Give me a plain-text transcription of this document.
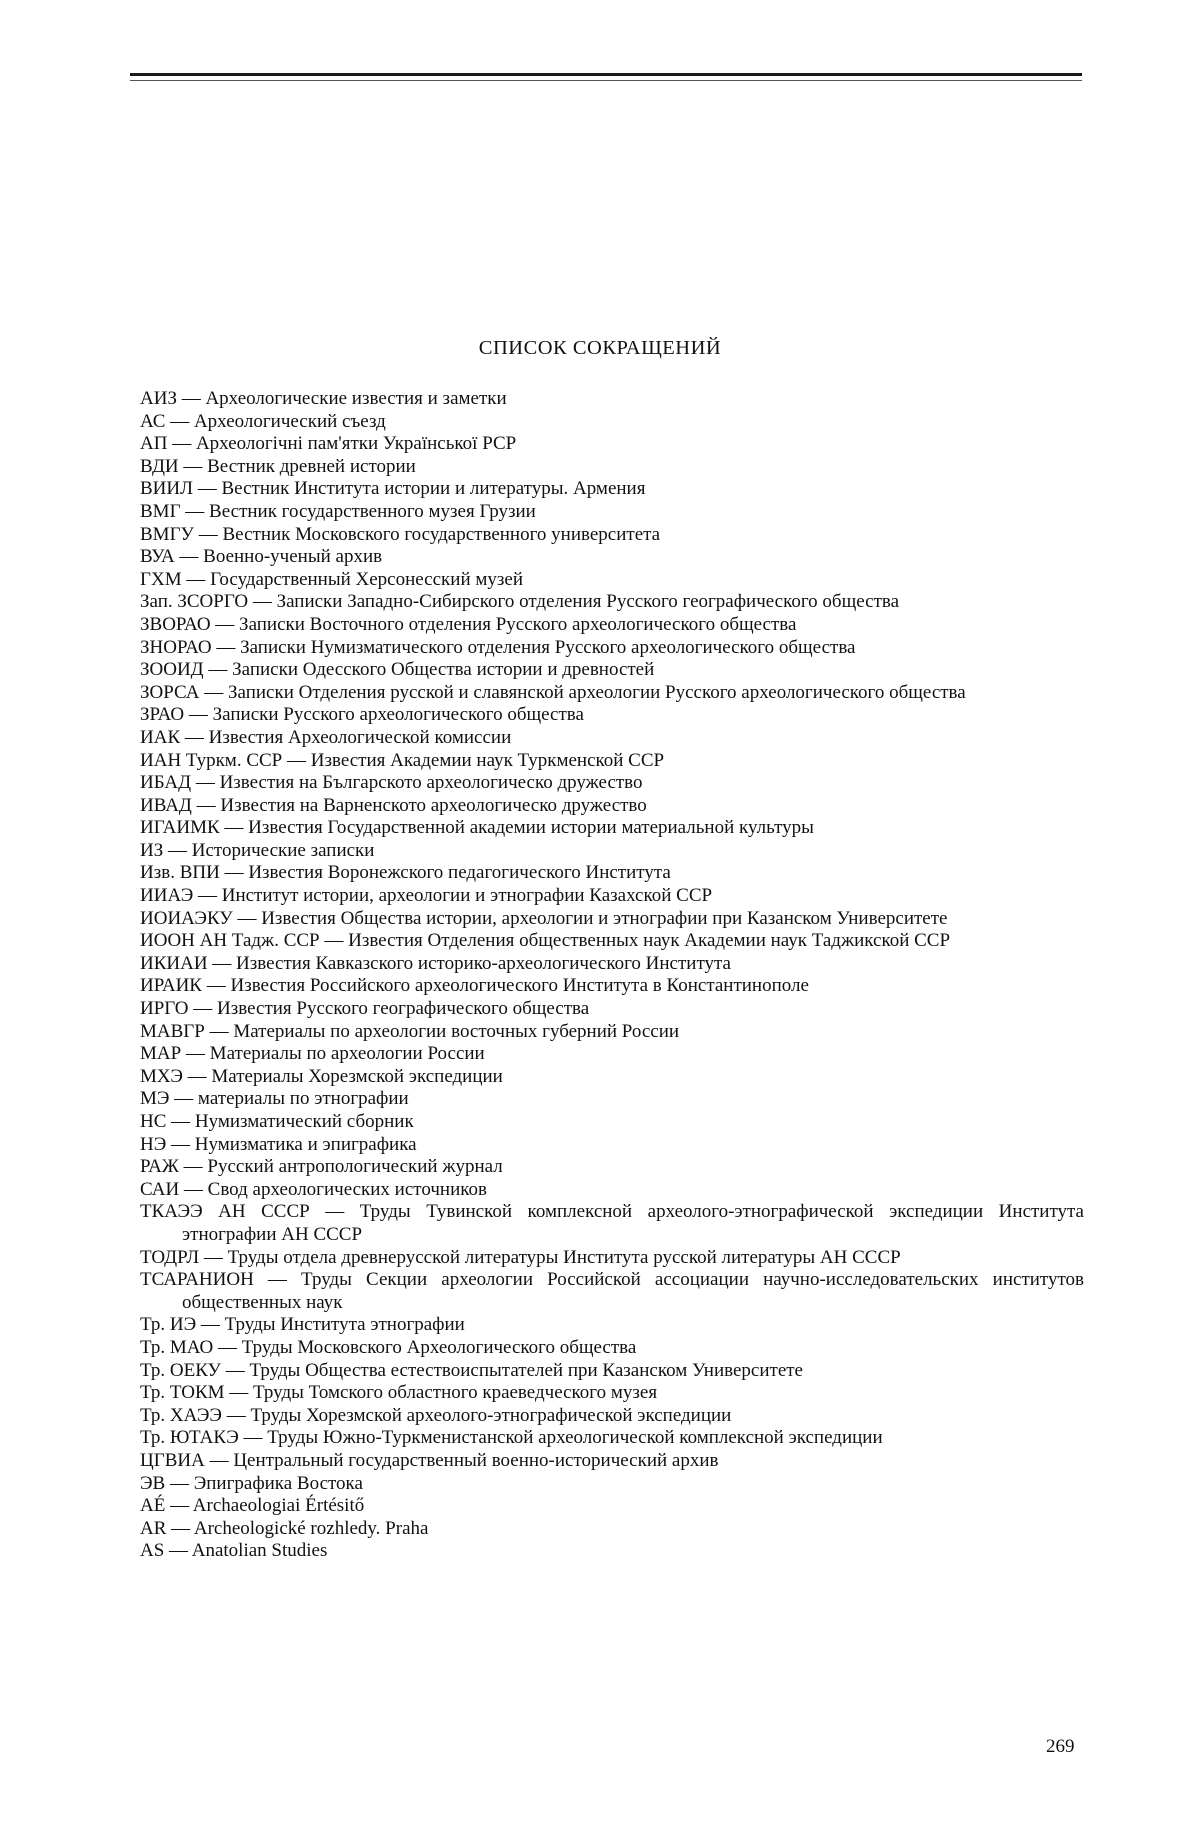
СПИСОК СОКРАЩЕНИЙ
АИЗ — Археологические известия и заметки
АС — Археологический съезд
АП — Археологічні пам'ятки Української РСР
ВДИ — Вестник древней истории
ВИИЛ — Вестник Института истории и литературы. Армения
ВМГ — Вестник государственного музея Грузии
ВМГУ — Вестник Московского государственного университета
ВУА — Военно-ученый архив
ГХМ — Государственный Херсонесский музей
Зап. ЗСОРГО — Записки Западно-Сибирского отделения Русского географического общества
ЗВОРАО — Записки Восточного отделения Русского археологического общества
ЗНОРАО — Записки Нумизматического отделения Русского археологического общества
ЗООИД — Записки Одесского Общества истории и древностей
ЗОРСА — Записки Отделения русской и славянской археологии Русского археологического общества
ЗРАО — Записки Русского археологического общества
ИАК — Известия Археологической комиссии
ИАН Туркм. ССР — Известия Академии наук Туркменской ССР
ИБАД — Известия на Българското археологическо дружество
ИВАД — Известия на Варненското археологическо дружество
ИГАИМК — Известия Государственной академии истории материальной культуры
ИЗ — Исторические записки
Изв. ВПИ — Известия Воронежского педагогического Института
ИИАЭ — Институт истории, археологии и этнографии Казахской ССР
ИОИАЭКУ — Известия Общества истории, археологии и этнографии при Казанском Университете
ИООН АН Тадж. ССР — Известия Отделения общественных наук Академии наук Таджикской ССР
ИКИАИ — Известия Кавказского историко-археологического Института
ИРАИК — Известия Российского археологического Института в Константинополе
ИРГО — Известия Русского географического общества
МАВГР — Материалы по археологии восточных губерний России
МАР — Материалы по археологии России
МХЭ — Материалы Хорезмской экспедиции
МЭ — материалы по этнографии
НС — Нумизматический сборник
НЭ — Нумизматика и эпиграфика
РАЖ — Русский антропологический журнал
САИ — Свод археологических источников
ТКАЭЭ АН СССР — Труды Тувинской комплексной археолого-этнографической экспедиции Института этнографии АН СССР
ТОДРЛ — Труды отдела древнерусской литературы Института русской литературы АН СССР
ТСАРАНИОН — Труды Секции археологии Российской ассоциации научно-исследовательских институтов общественных наук
Тр. ИЭ — Труды Института этнографии
Тр. МАО — Труды Московского Археологического общества
Тр. ОЕКУ — Труды Общества естествоиспытателей при Казанском Университете
Тр. ТОКМ — Труды Томского областного краеведческого музея
Тр. ХАЭЭ — Труды Хорезмской археолого-этнографической экспедиции
Тр. ЮТАКЭ — Труды Южно-Туркменистанской археологической комплексной экспедиции
ЦГВИА — Центральный государственный военно-исторический архив
ЭВ — Эпиграфика Востока
AÉ — Archaeologiai Értésitő
AR — Archeologické rozhledy. Praha
AS — Anatolian Studies
269
